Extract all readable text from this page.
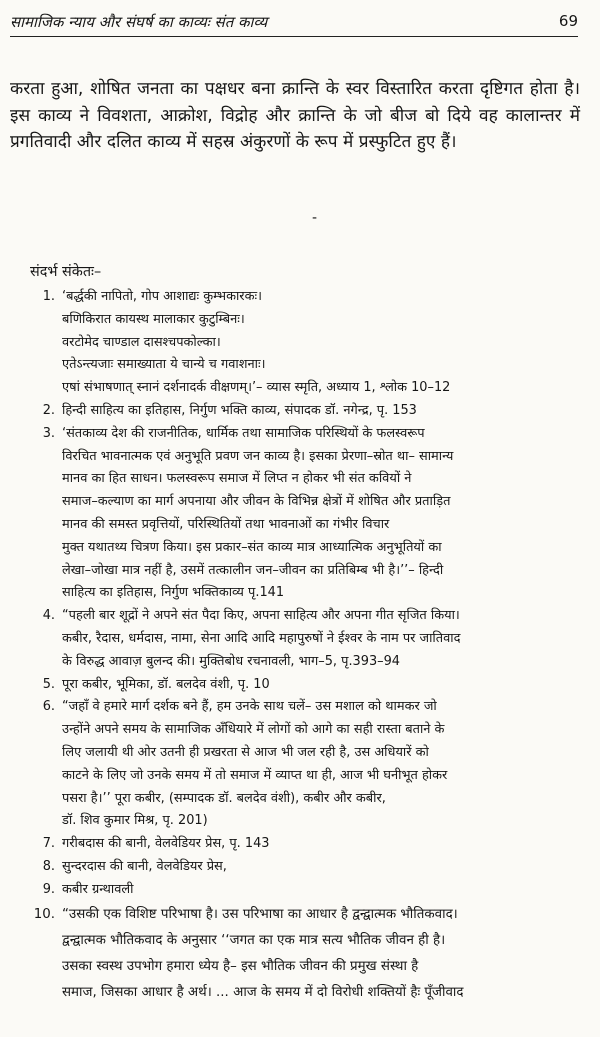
सामाजिक न्याय और संघर्ष का काव्यः संत काव्य	69

करता हुआ, शोषित जनता का पक्षधर बना क्रान्ति के स्वर विस्तारित करता दृष्टिगत होता है। इस काव्य ने विवशता, आक्रोश, विद्रोह और क्रान्ति के जो बीज बो दिये वह कालान्तर में प्रगतिवादी और दलित काव्य में सहस्र अंकुरणों के रूप में प्रस्फुटित हुए हैं।

-
संदर्भ संकेतः–
1. ‘बर्द्धकी नापितो, गोप आशाद्यः कुम्भकारकः।
बणिकिरात कायस्थ मालाकार कुटुम्बिनः।
वरटोमेद चाण्डाल दासश्चपकोल्का।
एतेऽन्त्यजाः समाख्याता ये चान्ये च गवाशनाः।
एषां संभाषणात् स्नानं दर्शनादर्क वीक्षणम्।’– व्यास स्मृति, अध्याय 1, श्लोक 10–12
2. हिन्दी साहित्य का इतिहास, निर्गुण भक्ति काव्य, संपादक डॉ. नगेन्द्र, पृ. 153
3. ‘संतकाव्य देश की राजनीतिक, धार्मिक तथा सामाजिक परिस्थियों के फलस्वरूप
विरचित भावनात्मक एवं अनुभूति प्रवण जन काव्य है। इसका प्रेरणा–स्रोत था– सामान्य
मानव का हित साधन। फलस्वरूप समाज में लिप्त न होकर भी संत कवियों ने
समाज–कल्याण का मार्ग अपनाया और जीवन के विभिन्न क्षेत्रों में शोषित और प्रताड़ित
मानव की समस्त प्रवृत्तियों, परिस्थितियों तथा भावनाओं का गंभीर विचार
मुक्त यथातथ्य चित्रण किया। इस प्रकार–संत काव्य मात्र आध्यात्मिक अनुभूतियों का
लेखा–जोखा मात्र नहीं है, उसमें तत्कालीन जन–जीवन का प्रतिबिम्ब भी है।’’– हिन्दी
साहित्य का इतिहास, निर्गुण भक्तिकाव्य पृ.141
4. “पहली बार शूद्रों ने अपने संत पैदा किए, अपना साहित्य और अपना गीत सृजित किया।
कबीर, रैदास, धर्मदास, नामा, सेना आदि आदि महापुरुषों ने ईश्वर के नाम पर जातिवाद
के विरुद्ध आवाज़ बुलन्द की। मुक्तिबोध रचनावली, भाग–5, पृ.393–94
5. पूरा कबीर, भूमिका, डॉ. बलदेव वंशी, पृ. 10
6. “जहाँ वे हमारे मार्ग दर्शक बने हैं, हम उनके साथ चलें– उस मशाल को थामकर जो
उन्होंने अपने समय के सामाजिक अँधियारे में लोगों को आगे का सही रास्ता बताने के
लिए जलायी थी ओर उतनी ही प्रखरता से आज भी जल रही है, उस अधियारें को
काटने के लिए जो उनके समय में तो समाज में व्याप्त था ही, आज भी घनीभूत होकर
पसरा है।’’ पूरा कबीर, (सम्पादक डॉ. बलदेव वंशी), कबीर और कबीर,
डॉ. शिव कुमार मिश्र, पृ. 201)
7. गरीबदास की बानी, वेलवेडियर प्रेस, पृ. 143
8. सुन्दरदास की बानी, वेलवेडियर प्रेस,
9. कबीर ग्रन्थावली
10. “उसकी एक विशिष्ट परिभाषा है। उस परिभाषा का आधार है द्वन्द्वात्मक भौतिकवाद।
द्वन्द्वात्मक भौतिकवाद के अनुसार ‘‘जगत का एक मात्र सत्य भौतिक जीवन ही है।
उसका स्वस्थ उपभोग हमारा ध्येय है– इस भौतिक जीवन की प्रमुख संस्था है
समाज, जिसका आधार है अर्थ। ... आज के समय में दो विरोधी शक्तियों हैः पूँजीवाद
